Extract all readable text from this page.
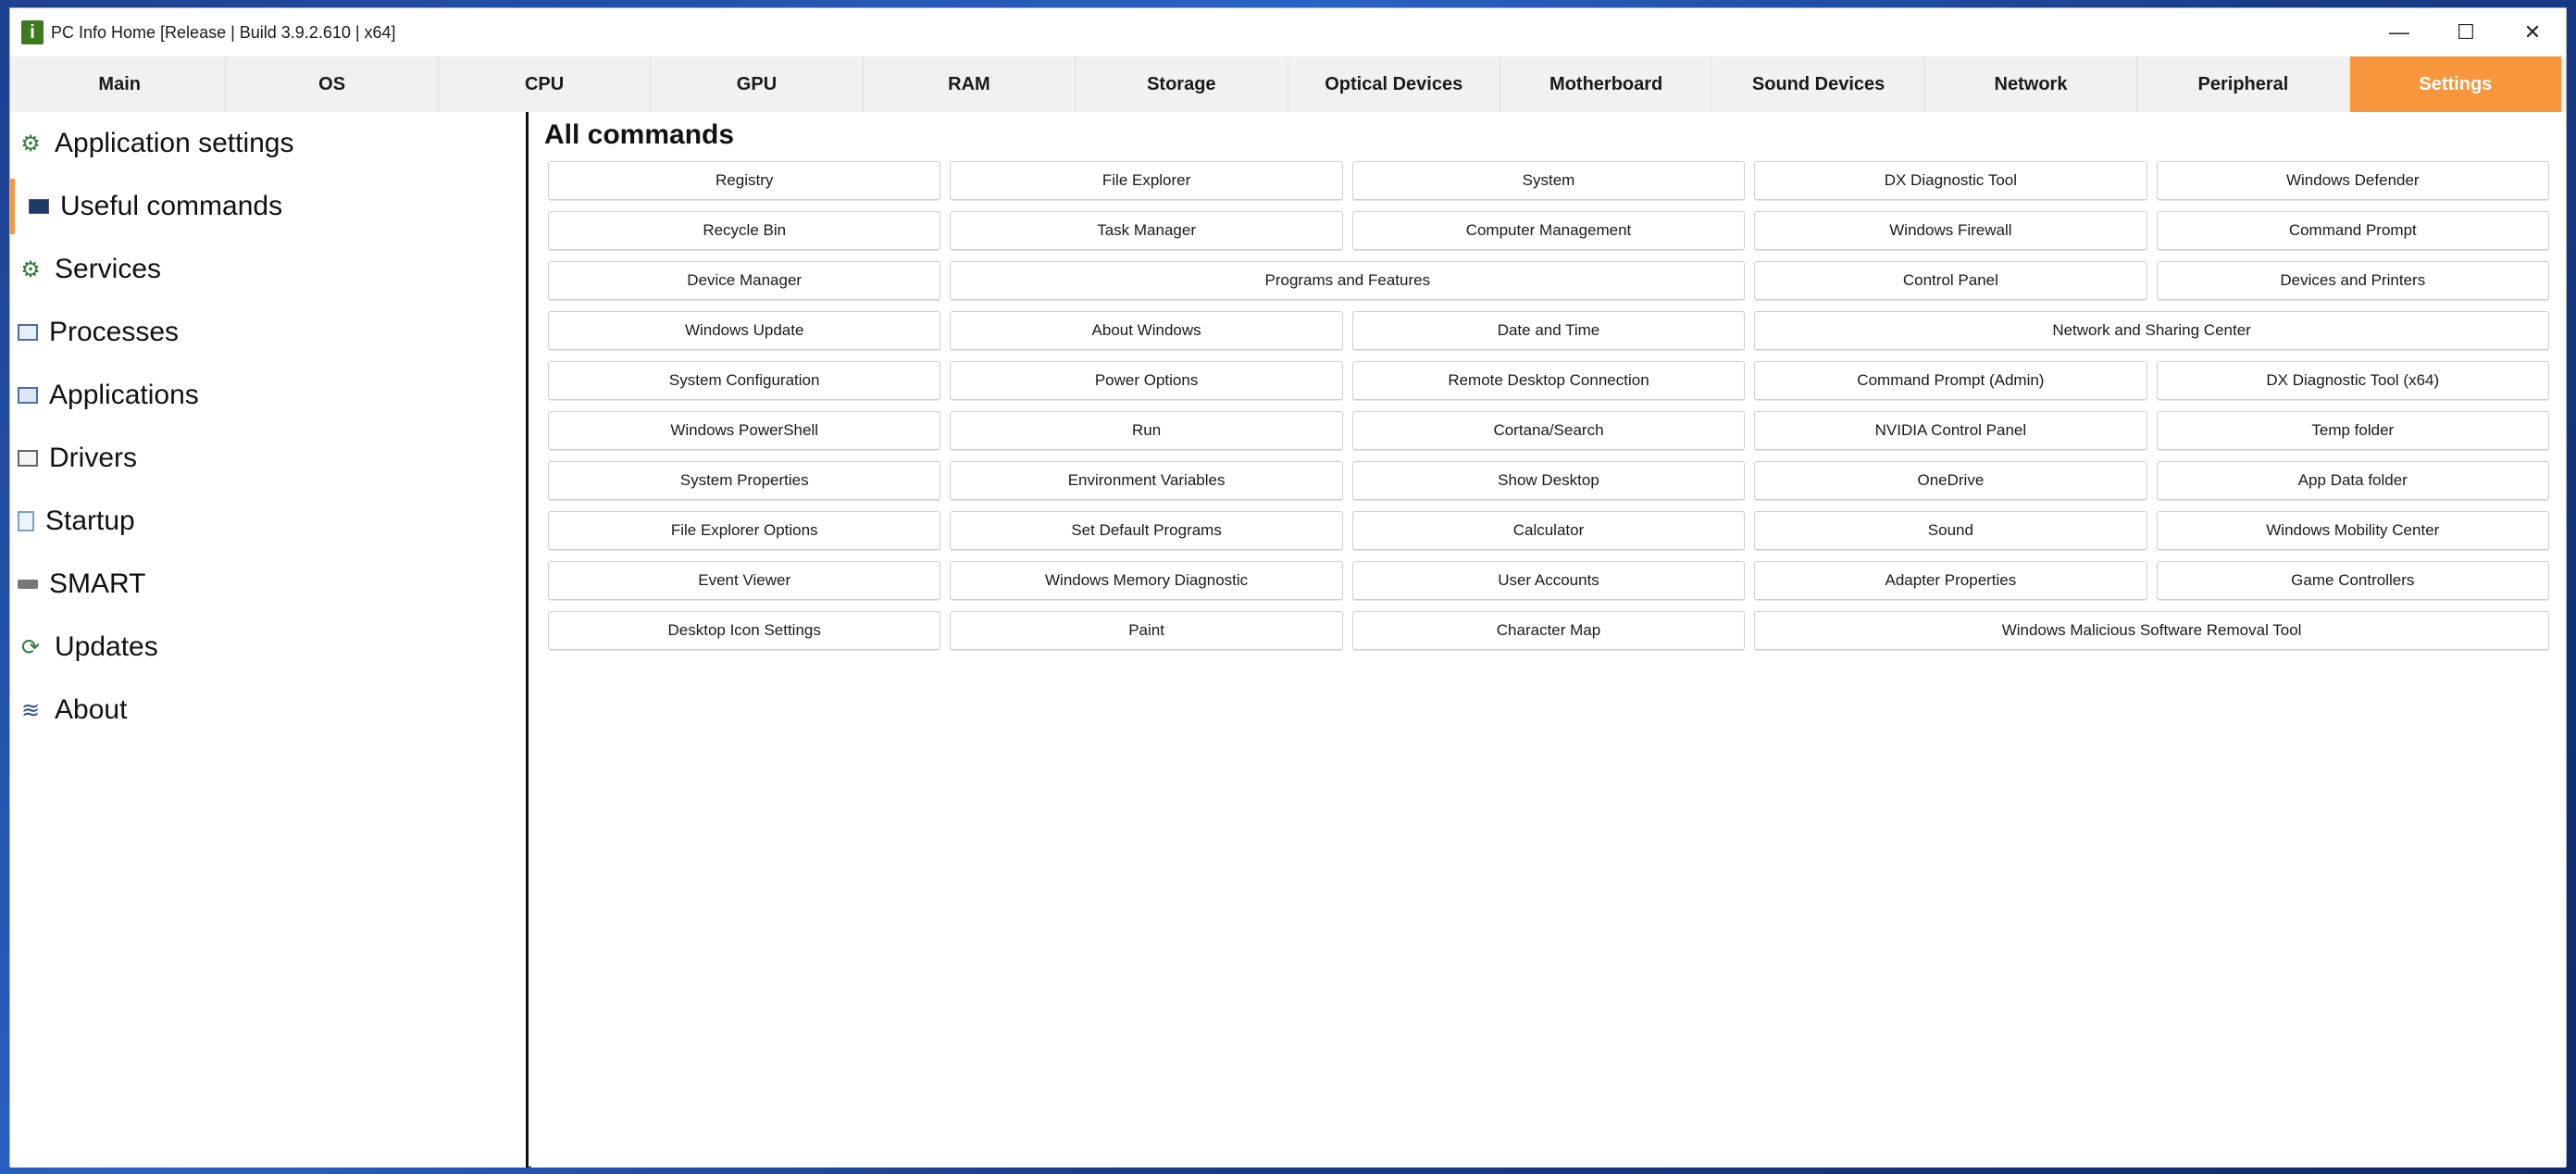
i PC Info Home [Release | Build 3.9.2.610 | x64]	—	☐	✕
Main	OS	CPU	GPU	RAM	Storage	Optical Devices	Motherboard	Sound Devices	Network	Peripheral	Settings
⚙ Application settings
Useful commands
⚙ Services
Processes
Applications
Drivers
Startup
SMART
⟳ Updates
≋ About
All commands
Registry	File Explorer	System	DX Diagnostic Tool	Windows Defender
Recycle Bin	Task Manager	Computer Management	Windows Firewall	Command Prompt
Device Manager	Programs and Features	Control Panel	Devices and Printers
Windows Update	About Windows	Date and Time	Network and Sharing Center
System Configuration	Power Options	Remote Desktop Connection	Command Prompt (Admin)	DX Diagnostic Tool (x64)
Windows PowerShell	Run	Cortana/Search	NVIDIA Control Panel	Temp folder
System Properties	Environment Variables	Show Desktop	OneDrive	App Data folder
File Explorer Options	Set Default Programs	Calculator	Sound	Windows Mobility Center
Event Viewer	Windows Memory Diagnostic	User Accounts	Adapter Properties	Game Controllers
Desktop Icon Settings	Paint	Character Map	Windows Malicious Software Removal Tool
